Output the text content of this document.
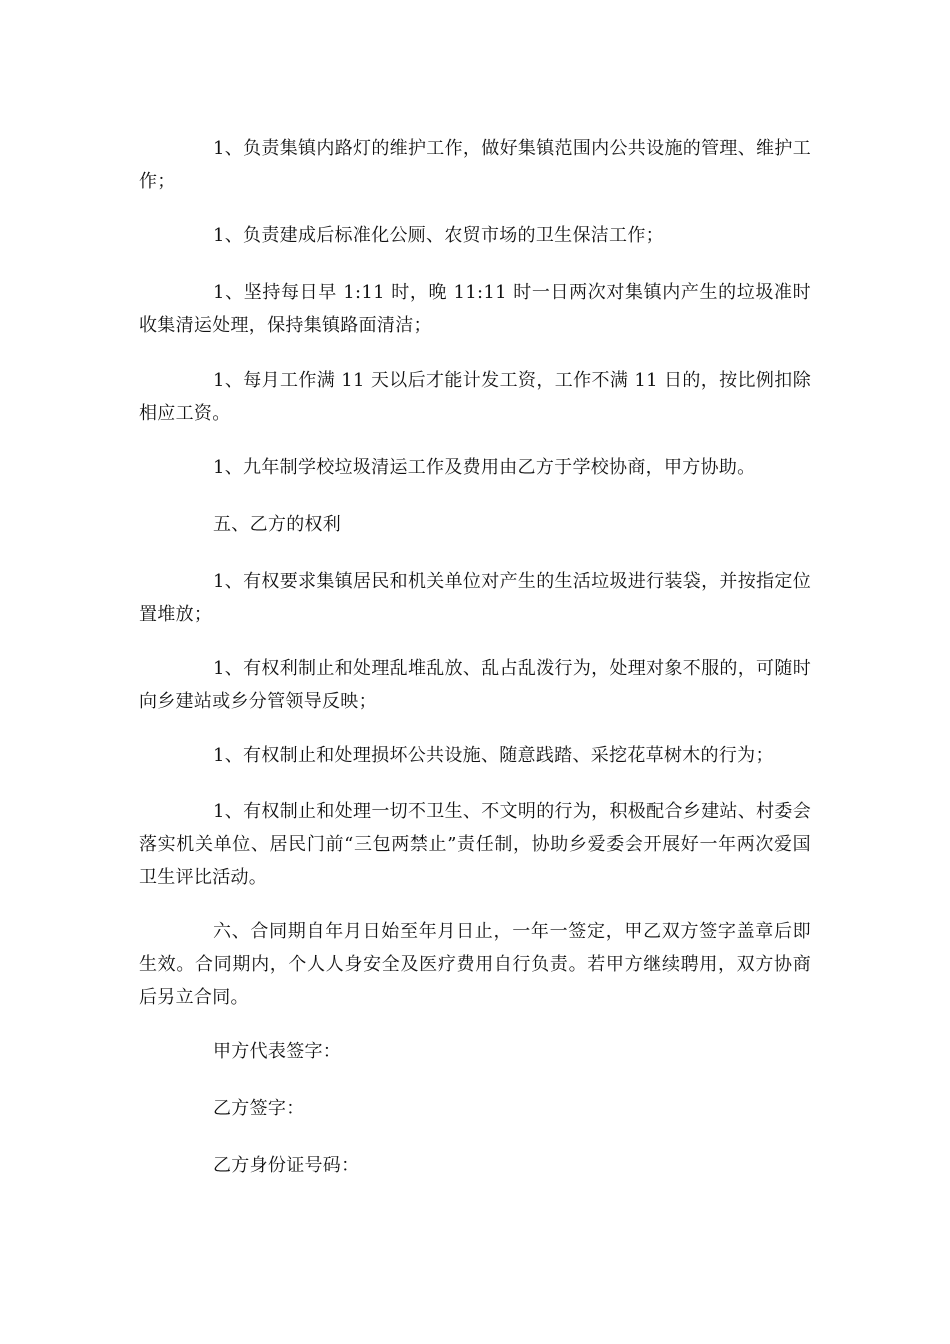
1、负责集镇内路灯的维护工作，做好集镇范围内公共设施的管理、维护工作；

1、负责建成后标准化公厕、农贸市场的卫生保洁工作；

1、坚持每日早 1:11 时，晚 11:11 时一日两次对集镇内产生的垃圾准时收集清运处理，保持集镇路面清洁；

1、每月工作满 11 天以后才能计发工资，工作不满 11 日的，按比例扣除相应工资。

1、九年制学校垃圾清运工作及费用由乙方于学校协商，甲方协助。

五、乙方的权利

1、有权要求集镇居民和机关单位对产生的生活垃圾进行装袋，并按指定位置堆放；

1、有权利制止和处理乱堆乱放、乱占乱泼行为，处理对象不服的，可随时向乡建站或乡分管领导反映；

1、有权制止和处理损坏公共设施、随意践踏、采挖花草树木的行为；

1、有权制止和处理一切不卫生、不文明的行为，积极配合乡建站、村委会落实机关单位、居民门前“三包两禁止”责任制，协助乡爱委会开展好一年两次爱国卫生评比活动。

六、合同期自年月日始至年月日止，一年一签定，甲乙双方签字盖章后即生效。合同期内，个人人身安全及医疗费用自行负责。若甲方继续聘用，双方协商后另立合同。

甲方代表签字：

乙方签字：

乙方身份证号码：
